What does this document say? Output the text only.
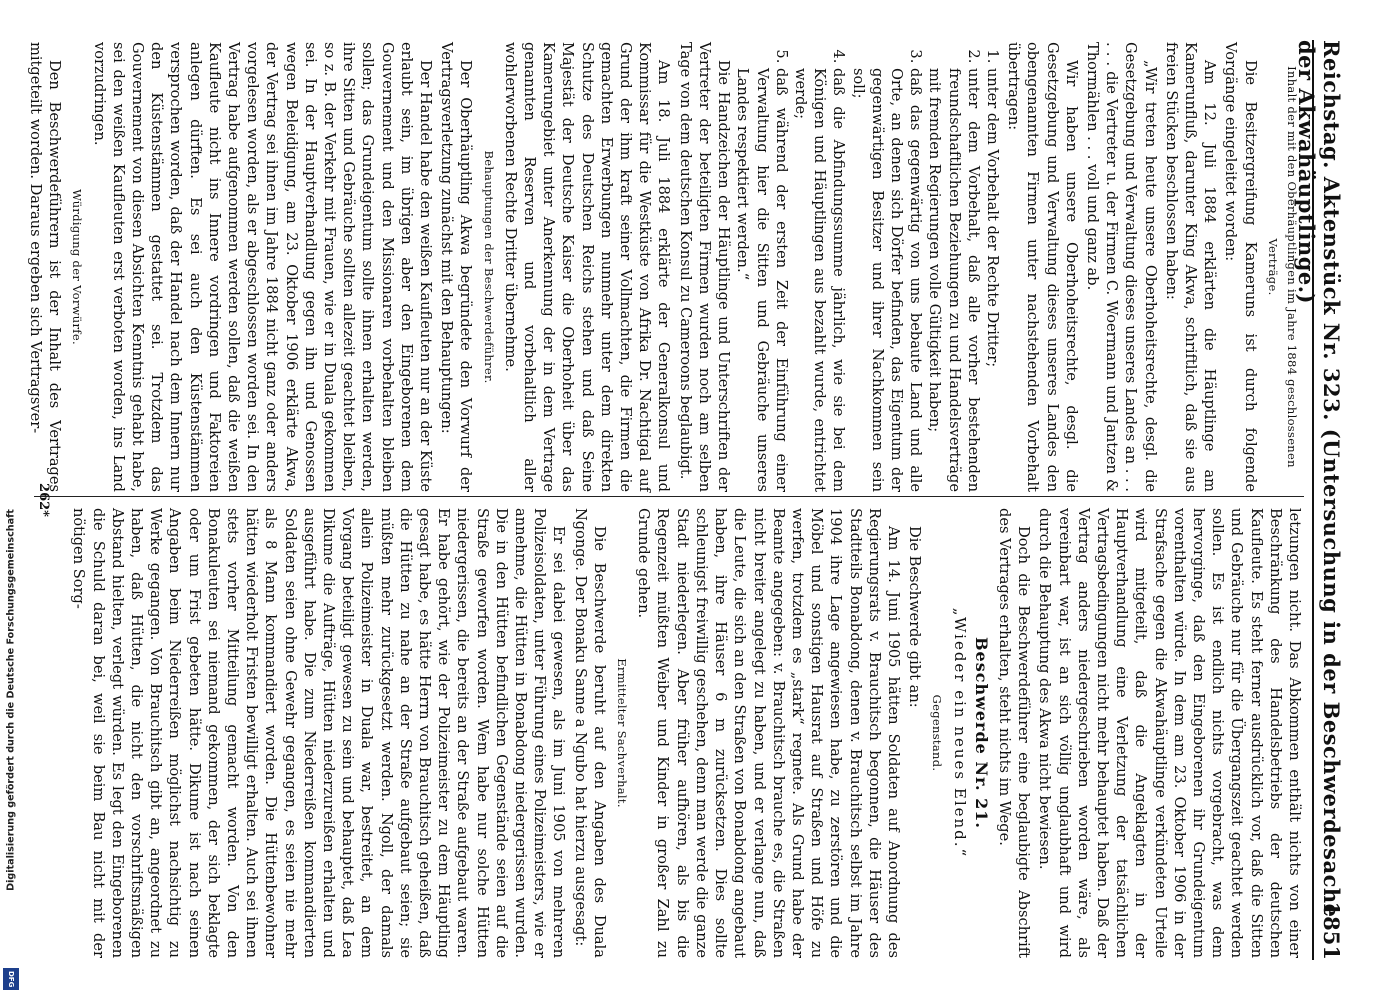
Digitalisierung gefördert durch die Deutsche Forschungsgemeinschaft
DFG
Reichstag. Aktenstück Nr. 323. (Untersuchung in der Beschwerdesache der Akwahäuptlinge.)
1851

Inhalt der mit den Oberhäuptlingen im Jahre 1884 geschlossenen Verträge.

Die Besitzergreifung Kameruns ist durch folgende Vorgänge eingeleitet worden:

Am 12. Juli 1884 erklärten die Häuptlinge am Kamerunfluß, darunter King Akwa, schriftlich, daß sie aus freien Stücken beschlossen haben:

„Wir treten heute unsere Oberhoheitsrechte, desgl. die Gesetzgebung und Verwaltung dieses unseres Landes an . . . . . . die Vertreter u. der Firmen C. Woermann und Jantzen & Thormählen . . . voll und ganz ab.

Wir haben unsere Oberhoheitsrechte, desgl. die Gesetzgebung und Verwaltung dieses unseres Landes den obengenannten Firmen unter nachstehenden Vorbehalt übertragen:

1. unter dem Vorbehalt der Rechte Dritter;
2. unter dem Vorbehalt, daß alle vorher bestehenden freundschaftlichen Beziehungen zu und Handelsverträge mit fremden Regierungen volle Gültigkeit haben;
3. daß das gegenwärtig von uns bebaute Land und alle Orte, an denen sich Dörfer befinden, das Eigentum der gegenwärtigen Besitzer und ihrer Nachkommen sein soll;
4. daß die Abfindungssumme jährlich, wie sie bei dem Königen und Häuptlingen aus bezahlt wurde, entrichtet werde;
5. daß während der ersten Zeit der Einführung einer Verwaltung hier die Sitten und Gebräuche unseres Landes respektiert werden.“

Die Handzeichen der Häuptlinge und Unterschriften der Vertreter der beteiligten Firmen wurden noch am selben Tage von dem deutschen Konsul zu Cameroons beglaubigt.

Am 18. Juli 1884 erklärte der Generalkonsul und Kommissar für die Westküste von Afrika Dr. Nachtigal auf Grund der ihm kraft seiner Vollmachten, die Firmen die gemachten Erwerbungen nunmehr unter dem direkten Schutze des Deutschen Reichs stehen und daß Seine Majestät der Deutsche Kaiser die Oberhoheit über das Kamerungebiet unter Anerkennung der in dem Vertrage genannten Reserven und vorbehaltlich aller wohlerworbenen Rechte Dritter übernehme.

Behauptungen der Beschwerdeführer.

Der Oberhäuptling Akwa begründete den Vorwurf der Vertragsverletzung zunächst mit den Behauptungen:

Der Handel habe den weißen Kaufleuten nur an der Küste erlaubt sein, im übrigen aber den Eingeborenen dem Gouvernement und den Missionaren vorbehalten bleiben sollen; das Grundeigentum sollte ihnen erhalten werden, ihre Sitten und Gebräuche sollten allezeit geachtet bleiben, so z. B. der Verkehr mit Frauen, wie er in Duala gekommen sei. In der Hauptverhandlung gegen ihn und Genossen wegen Beleidigung, am 23. Oktober 1906 erklärte Akwa, der Vertrag sei ihnen im Jahre 1884 nicht ganz oder anders vorgelesen worden, als er abgeschlossen worden sei. In den Vertrag habe aufgenommen werden sollen, daß die weißen Kaufleute nicht ins Innere vordringen und Faktoreien anlegen dürften. Es sei auch den Küstenstämmen versprochen worden, daß der Handel nach dem Innern nur den Küstenstämmen gestattet sei. Trotzdem das Gouvernement von diesen Absichten Kenntnis gehabt habe, sei den weißen Kaufleuten erst verboten worden, ins Land vorzudringen.

Würdigung der Vorwürfe.

Den Beschwerdeführern ist der Inhalt des Vertrages mitgeteilt worden. Daraus ergeben sich Vertragsver-

letzungen nicht. Das Abkommen enthält nichts von einer Beschränkung des Handelsbetriebs der deutschen Kaufleute. Es steht ferner ausdrücklich vor, daß die Sitten und Gebräuche nur für die Übergangszeit geachtet werden sollen. Es ist endlich nichts vorgebracht, was dem hervorginge, daß den Eingeborenen ihr Grundeigentum vorenthalten würde. In dem am 23. Oktober 1906 in der Strafsache gegen die Akwahäuptlinge verkündeten Urteile wird mitgeteilt, daß die Angeklagten in der Hauptverhandlung eine Verletzung der tatsächlichen Vertragsbedingungen nicht mehr behauptet haben. Daß der Vertrag anders niedergeschrieben worden wäre, als vereinbart war, ist an sich völlig unglaubhaft und wird durch die Behauptung des Akwa nicht bewiesen.

Doch die Beschwerdeführer eine beglaubigte Abschrift des Vertrages erhalten, steht nichts im Wege.

Beschwerde Nr. 21.

„Wieder ein neues Elend.“

Gegenstand.

Die Beschwerde gibt an:

Am 14. Juni 1905 hätten Soldaten auf Anordnung des Regierungsrats v. Brauchitsch begonnen, die Häuser des Stadtteils Bonabdong, denen v. Brauchitsch selbst im Jahre 1904 ihre Lage angewiesen habe, zu zerstören und die Möbel und sonstigen Hausrat auf Straßen und Höfe zu werfen, trotzdem es „stark“ regnete. Als Grund habe der Beamte angegeben: v. Brauchitsch brauche es, die Straßen nicht breiter angelegt zu haben, und er verlange nun, daß die Leute, die sich an den Straßen von Bonabdong angebaut haben, ihre Häuser 6 m zurücksetzen. Dies sollte schleunigst freiwillig geschehen, denn man werde die ganze Stadt niederlegen. Aber früher aufhören, als bis die Regenzeit müßten Weiber und Kinder in großer Zahl zu Grunde gehen.

Ermittelter Sachverhalt.

Die Beschwerde beruht auf den Angaben des Duala Ngonge. Der Bonaku Sanne a Ngubo hat hierzu ausgesagt:

Er sei dabei gewesen, als im Juni 1905 von mehreren Polizeisoldaten, unter Führung eines Polizeimeisters, wie er annehme, die Hütten in Bonabdong niedergerissen wurden. Die in den Hütten befindlichen Gegenstände seien auf die Straße geworfen worden. Wem habe nur solche Hütten niedergerissen, die bereits an der Straße aufgebaut waren. Er habe gehört, wie der Polizeimeister zu dem Häuptling gesagt habe, es hätte Herrn von Brauchitsch geheißen, daß die Hütten zu nahe an der Straße aufgebaut seien; sie müßten mehr zurückgesetzt werden. Ngoll, der damals allein Polizeimeister in Duala war, bestreitet, an dem Vorgang beteiligt gewesen zu sein und behauptet, daß Lea Dikume die Aufträge, Hütten niederzureißen erhalten und ausgeführt habe. Die zum Niederreißen kommandierten Soldaten seien ohne Gewehr gegangen, es seien nie mehr als 8 Mann kommandiert worden. Die Hüttenbewohner hätten wiederholt Fristen bewilligt erhalten. Auch sei ihnen stets vorher Mitteilung gemacht worden. Von den Bonakuleuten sei niemand gekommen, der sich beklagte oder um Frist gebeten hätte. Dikume ist nach seinen Angaben beim Niederreißen möglichst nachsichtig zu Werke gegangen. Von Brauchitsch gibt an, angeordnet zu haben, daß Hütten, die nicht den vorschriftsmäßigen Abstand hielten, verlegt würden. Es legt den Eingeborenen die Schuld daran bei, weil sie beim Bau nicht mit der nötigen Sorg-

262*
